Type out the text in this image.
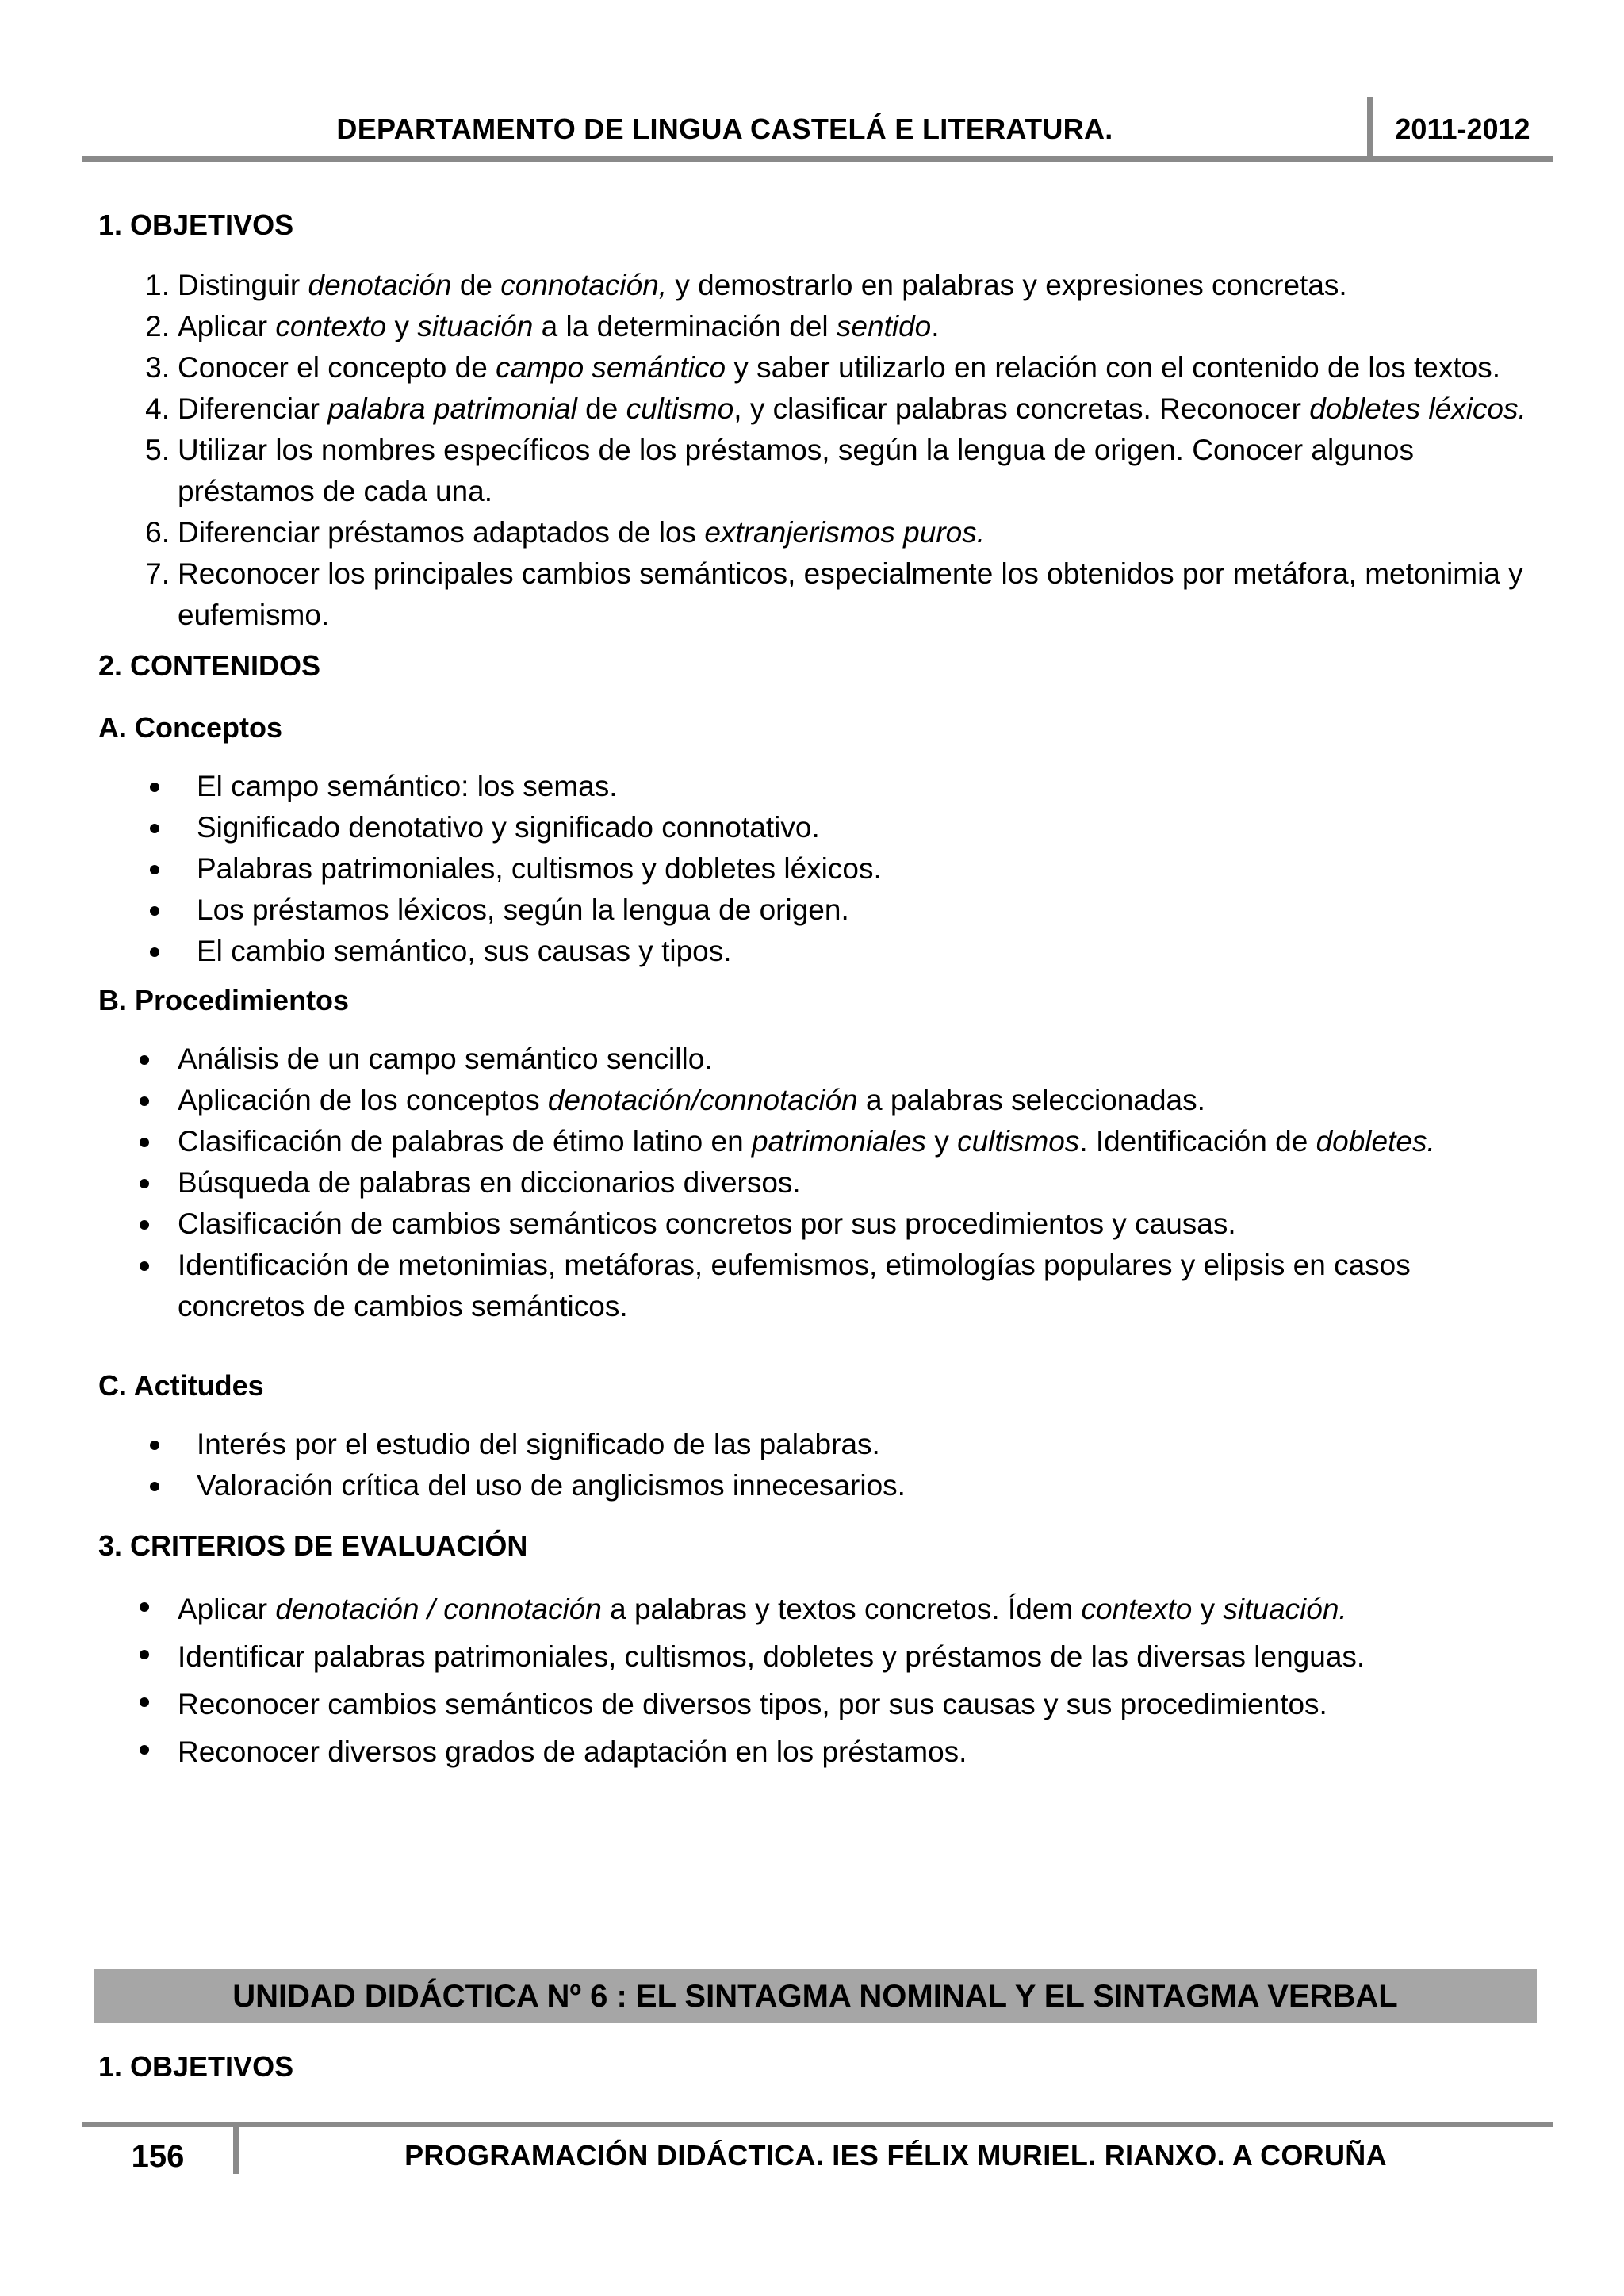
DEPARTAMENTO DE LINGUA CASTELÁ E LITERATURA.	2011-2012

1. OBJETIVOS

1. Distinguir denotación de connotación, y demostrarlo en palabras y expresiones concretas.
2. Aplicar contexto y situación a la determinación del sentido.
3. Conocer el concepto de campo semántico y saber utilizarlo en relación con el contenido de los textos.
4. Diferenciar palabra patrimonial de cultismo, y clasificar palabras concretas. Reconocer dobletes léxicos.
5. Utilizar los nombres específicos de los préstamos, según la lengua de origen. Conocer algunos préstamos de cada una.
6. Diferenciar préstamos adaptados de los extranjerismos puros.
7. Reconocer los principales cambios semánticos, especialmente los obtenidos por metáfora, metonimia y eufemismo.

2. CONTENIDOS

A. Conceptos

El campo semántico: los semas.
Significado denotativo y significado connotativo.
Palabras patrimoniales, cultismos y dobletes léxicos.
Los préstamos léxicos, según la lengua de origen.
El cambio semántico, sus causas y tipos.

B. Procedimientos

Análisis de un campo semántico sencillo.
Aplicación de los conceptos denotación/connotación a palabras seleccionadas.
Clasificación de palabras de étimo latino en patrimoniales y cultismos. Identificación de dobletes.
Búsqueda de palabras en diccionarios diversos.
Clasificación de cambios semánticos concretos por sus procedimientos y causas.
Identificación de metonimias, metáforas, eufemismos, etimologías populares y elipsis en casos concretos de cambios semánticos.

C. Actitudes

Interés por el estudio del significado de las palabras.
Valoración crítica del uso de anglicismos innecesarios.

3. CRITERIOS DE EVALUACIÓN

Aplicar denotación / connotación a palabras y textos concretos. Ídem contexto y situación.
Identificar palabras patrimoniales, cultismos, dobletes y préstamos de las diversas lenguas.
Reconocer cambios semánticos de diversos tipos, por sus causas y sus procedimientos.
Reconocer diversos grados de adaptación en los préstamos.
UNIDAD DIDÁCTICA Nº 6 : EL SINTAGMA NOMINAL Y EL SINTAGMA VERBAL

1. OBJETIVOS

156	PROGRAMACIÓN DIDÁCTICA. IES FÉLIX MURIEL. RIANXO. A CORUÑA
